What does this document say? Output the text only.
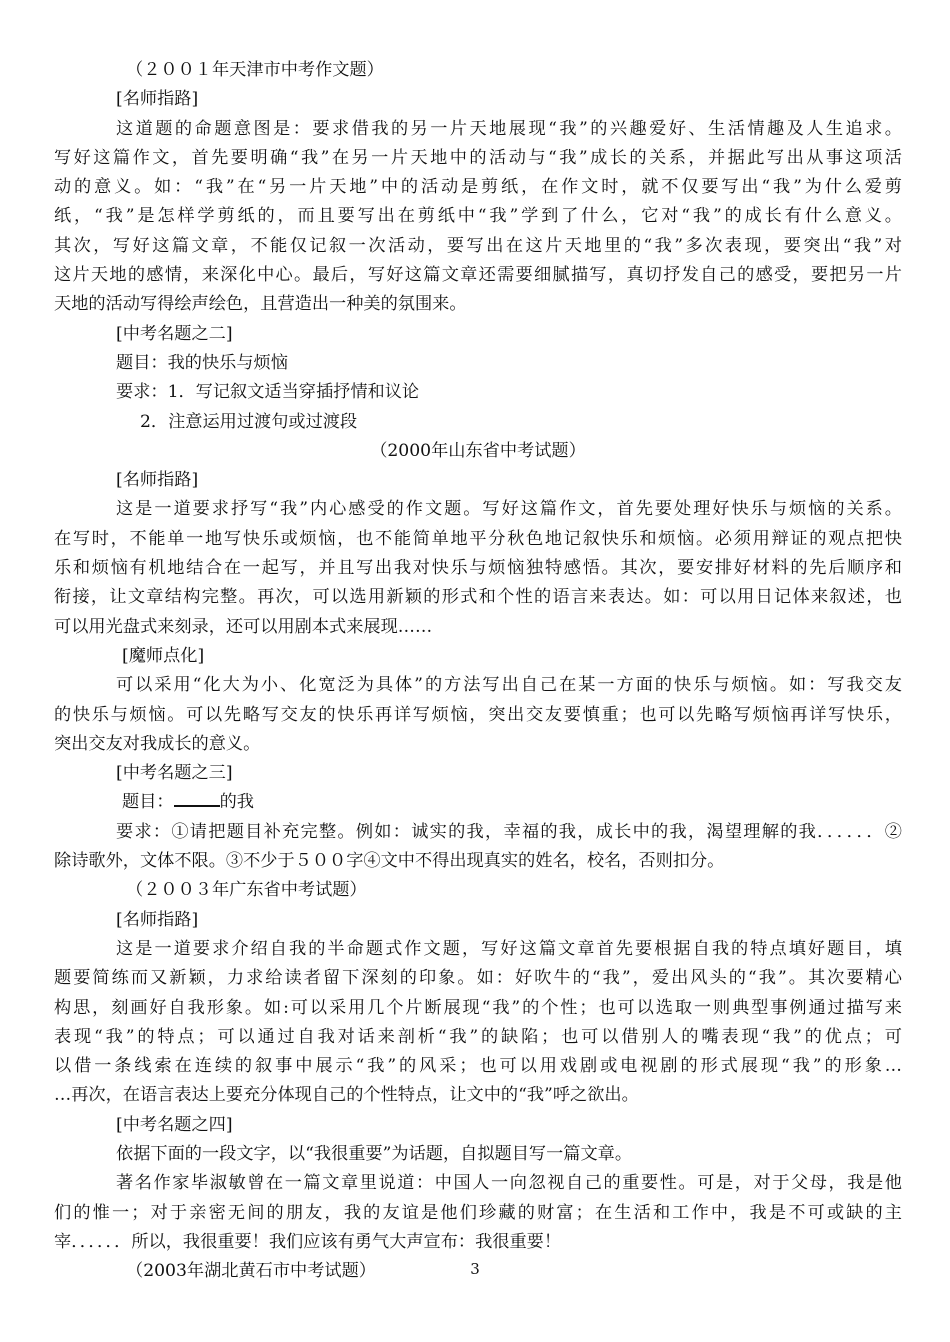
（２００１年天津市中考作文题）
[名师指路]
这道题的命题意图是：要求借我的另一片天地展现“我”的兴趣爱好、生活情趣及人生追求。
写好这篇作文，首先要明确“我”在另一片天地中的活动与“我”成长的关系，并据此写出从事这项活
动的意义。如：“我”在“另一片天地”中的活动是剪纸，在作文时，就不仅要写出“我”为什么爱剪
纸，“我”是怎样学剪纸的，而且要写出在剪纸中“我”学到了什么，它对“我”的成长有什么意义。
其次，写好这篇文章，不能仅记叙一次活动，要写出在这片天地里的“我”多次表现，要突出“我”对
这片天地的感情，来深化中心。最后，写好这篇文章还需要细腻描写，真切抒发自己的感受，要把另一片
天地的活动写得绘声绘色，且营造出一种美的氛围来。
[中考名题之二]
题目：我的快乐与烦恼
要求：1．写记叙文适当穿插抒情和议论
2．注意运用过渡句或过渡段
（2000年山东省中考试题）
[名师指路]
这是一道要求抒写“我”内心感受的作文题。写好这篇作文，首先要处理好快乐与烦恼的关系。
在写时，不能单一地写快乐或烦恼，也不能简单地平分秋色地记叙快乐和烦恼。必须用辩证的观点把快
乐和烦恼有机地结合在一起写，并且写出我对快乐与烦恼独特感悟。其次，要安排好材料的先后顺序和
衔接，让文章结构完整。再次，可以选用新颖的形式和个性的语言来表达。如：可以用日记体来叙述，也
可以用光盘式来刻录，还可以用剧本式来展现……
[魔师点化]
可以采用“化大为小、化宽泛为具体”的方法写出自己在某一方面的快乐与烦恼。如：写我交友
的快乐与烦恼。可以先略写交友的快乐再详写烦恼，突出交友要慎重；也可以先略写烦恼再详写快乐，
突出交友对我成长的意义。
[中考名题之三]
题目：	的我
要求：①请把题目补充完整。例如：诚实的我，幸福的我，成长中的我，渴望理解的我．．．．．．②
除诗歌外，文体不限。③不少于５００字④文中不得出现真实的姓名，校名，否则扣分。
（２００３年广东省中考试题）
[名师指路]
这是一道要求介绍自我的半命题式作文题，写好这篇文章首先要根据自我的特点填好题目，填
题要简练而又新颖，力求给读者留下深刻的印象。如：好吹牛的“我”，爱出风头的“我”。其次要精心
构思，刻画好自我形象。如:可以采用几个片断展现“我”的个性；也可以选取一则典型事例通过描写来
表现“我”的特点；可以通过自我对话来剖析“我”的缺陷；也可以借别人的嘴表现“我”的优点；可
以借一条线索在连续的叙事中展示“我”的风采；也可以用戏剧或电视剧的形式展现“我”的形象…
…再次，在语言表达上要充分体现自己的个性特点，让文中的“我”呼之欲出。
[中考名题之四]
依据下面的一段文字，以“我很重要”为话题，自拟题目写一篇文章。
著名作家毕淑敏曾在一篇文章里说道：中国人一向忽视自己的重要性。可是，对于父母，我是他
们的惟一；对于亲密无间的朋友，我的友谊是他们珍藏的财富；在生活和工作中，我是不可或缺的主
宰．．．．．．所以，我很重要！我们应该有勇气大声宣布：我很重要！
（2003年湖北黄石市中考试题）	3
